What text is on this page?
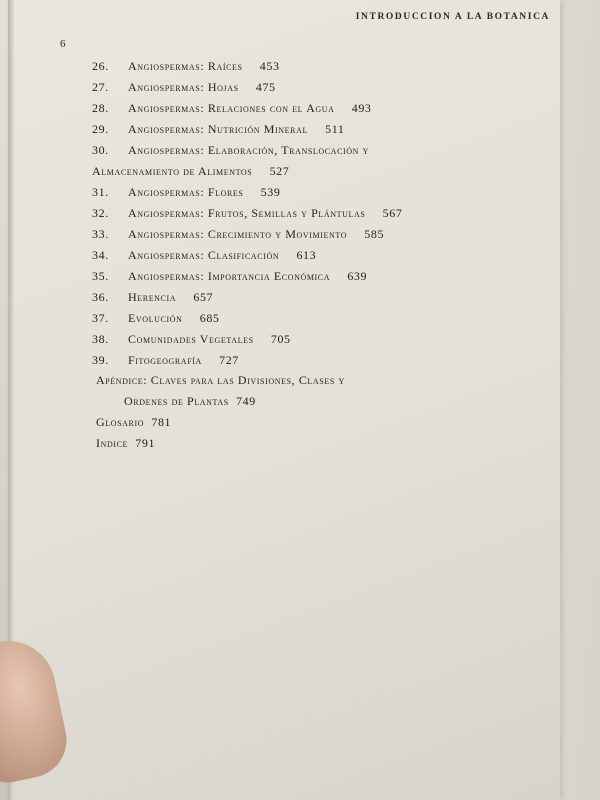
INTRODUCCION A LA BOTANICA
6
26.	Angiospermas: Raíces 453
27.	Angiospermas: Hojas 475
28.	Angiospermas: Relaciones con el Agua 493
29.	Angiospermas: Nutrición Mineral 511
30.	Angiospermas: Elaboración, Translocación y
Almacenamiento de Alimentos 527
31.	Angiospermas: Flores 539
32.	Angiospermas: Frutos, Semillas y Plántulas 567
33.	Angiospermas: Crecimiento y Movimiento 585
34.	Angiospermas: Clasificación 613
35.	Angiospermas: Importancia Económica 639
36.	Herencia 657
37.	Evolución 685
38.	Comunidades Vegetales 705
39.	Fitogeografía 727
Apéndice: Claves para las Divisiones, Clases y
Ordenes de Plantas 749
Glosario 781
Indice 791
